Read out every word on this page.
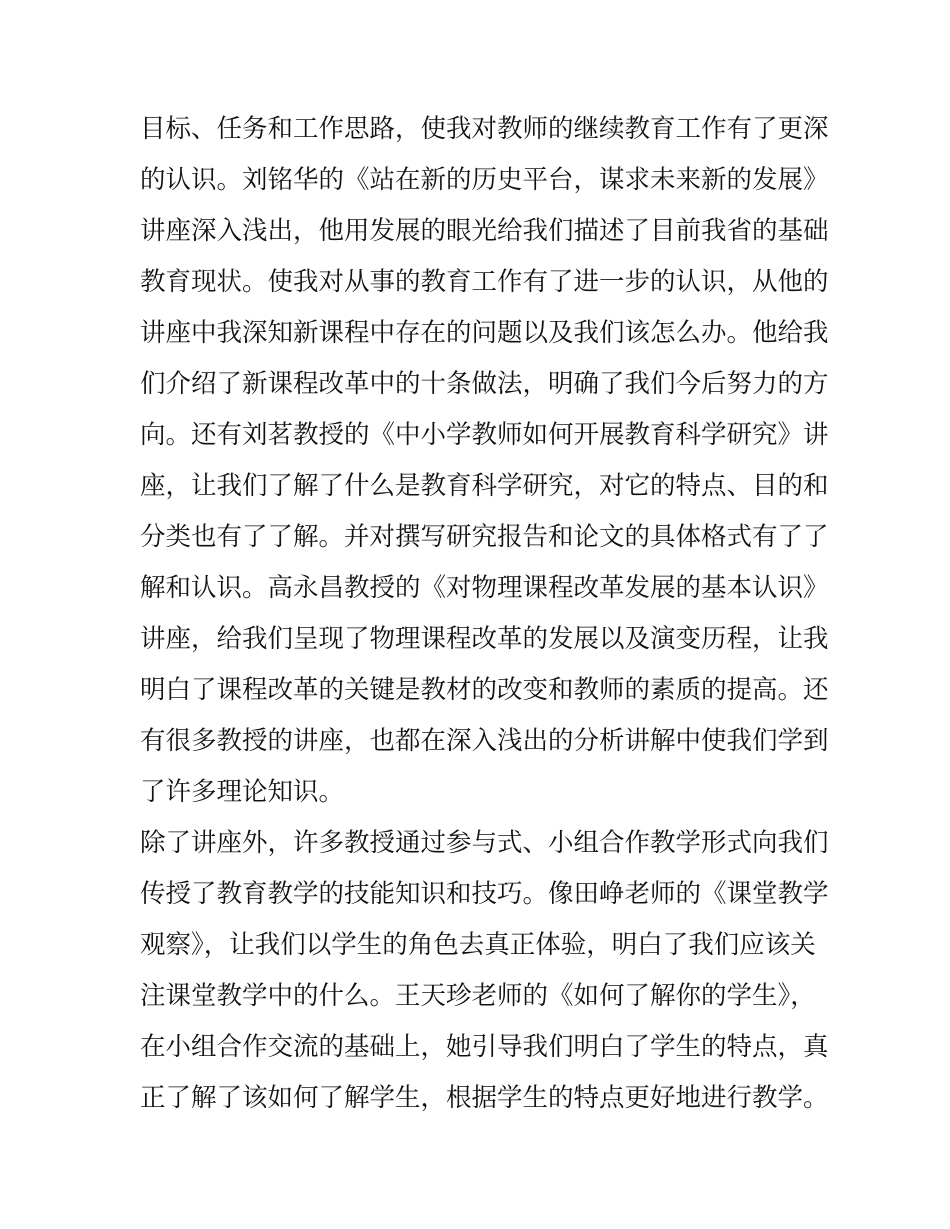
目标、任务和工作思路，使我对教师的继续教育工作有了更深
的认识。刘铭华的《站在新的历史平台，谋求未来新的发展》
讲座深入浅出，他用发展的眼光给我们描述了目前我省的基础
教育现状。使我对从事的教育工作有了进一步的认识，从他的
讲座中我深知新课程中存在的问题以及我们该怎么办。他给我
们介绍了新课程改革中的十条做法，明确了我们今后努力的方
向。还有刘茗教授的《中小学教师如何开展教育科学研究》讲
座，让我们了解了什么是教育科学研究，对它的特点、目的和
分类也有了了解。并对撰写研究报告和论文的具体格式有了了
解和认识。高永昌教授的《对物理课程改革发展的基本认识》
讲座，给我们呈现了物理课程改革的发展以及演变历程，让我
明白了课程改革的关键是教材的改变和教师的素质的提高。还
有很多教授的讲座，也都在深入浅出的分析讲解中使我们学到
了许多理论知识。
除了讲座外，许多教授通过参与式、小组合作教学形式向我们
传授了教育教学的技能知识和技巧。像田峥老师的《课堂教学
观察》，让我们以学生的角色去真正体验，明白了我们应该关
注课堂教学中的什么。王天珍老师的《如何了解你的学生》，
在小组合作交流的基础上，她引导我们明白了学生的特点，真
正了解了该如何了解学生，根据学生的特点更好地进行教学。
